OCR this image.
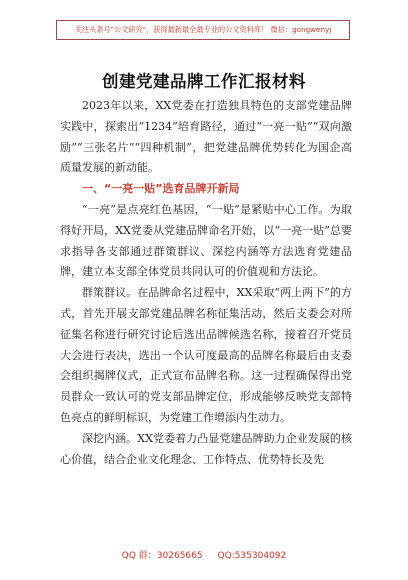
关注头条号"公文研究"，获得最新最全最专业的公文资料库！ 微信：gongwenyj
创建党建品牌工作汇报材料

2023年以来，XX党委在打造独具特色的支部党建品牌实践中，探索出“1234”培育路径，通过“一亮一贴”“双向激励”“三张名片”“四种机制”，把党建品牌优势转化为国企高质量发展的新动能。

一、“一亮一贴”选育品牌开新局

“一亮”是点亮红色基因，“一贴”是紧贴中心工作。为取得好开局，XX党委从党建品牌命名开始，以“一亮一贴”总要求指导各支部通过群策群议、深挖内涵等方法选育党建品牌，建立本支部全体党员共同认可的价值观和方法论。

群策群议。在品牌命名过程中，XX采取“两上两下”的方式，首先开展支部党建品牌名称征集活动，然后支委会对所征集名称进行研究讨论后选出品牌候选名称，接着召开党员大会进行表决，选出一个认可度最高的品牌名称最后由支委会组织揭牌仪式，正式宣布品牌名称。这一过程确保得出党员群众一致认可的党支部品牌定位，形成能够反映党支部特色亮点的鲜明标识，为党建工作增添内生动力。

深挖内涵。XX党委着力凸显党建品牌助力企业发展的核心价值，结合企业文化理念、工作特点、优势特长及先

QQ 群：30265665 QQ:535304092
